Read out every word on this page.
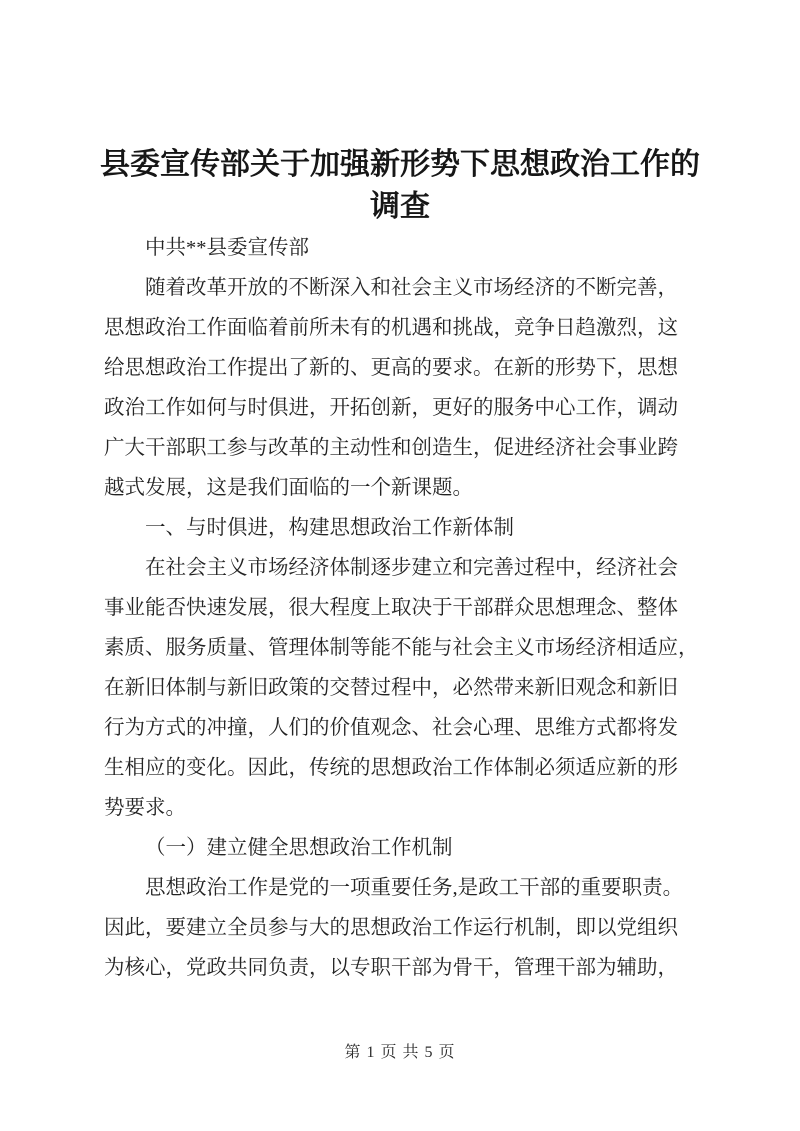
县委宣传部关于加强新形势下思想政治工作的
调查
中共**县委宣传部
随着改革开放的不断深入和社会主义市场经济的不断完善，
思想政治工作面临着前所未有的机遇和挑战，竞争日趋激烈，这
给思想政治工作提出了新的、更高的要求。在新的形势下，思想
政治工作如何与时俱进，开拓创新，更好的服务中心工作，调动
广大干部职工参与改革的主动性和创造生，促进经济社会事业跨
越式发展，这是我们面临的一个新课题。
一、与时俱进，构建思想政治工作新体制
在社会主义市场经济体制逐步建立和完善过程中，经济社会
事业能否快速发展，很大程度上取决于干部群众思想理念、整体
素质、服务质量、管理体制等能不能与社会主义市场经济相适应，
在新旧体制与新旧政策的交替过程中，必然带来新旧观念和新旧
行为方式的冲撞，人们的价值观念、社会心理、思维方式都将发
生相应的变化。因此，传统的思想政治工作体制必须适应新的形
势要求。
（一）建立健全思想政治工作机制
思想政治工作是党的一项重要任务,是政工干部的重要职责。
因此，要建立全员参与大的思想政治工作运行机制，即以党组织
为核心，党政共同负责，以专职干部为骨干，管理干部为辅助，
第 1 页 共 5 页
